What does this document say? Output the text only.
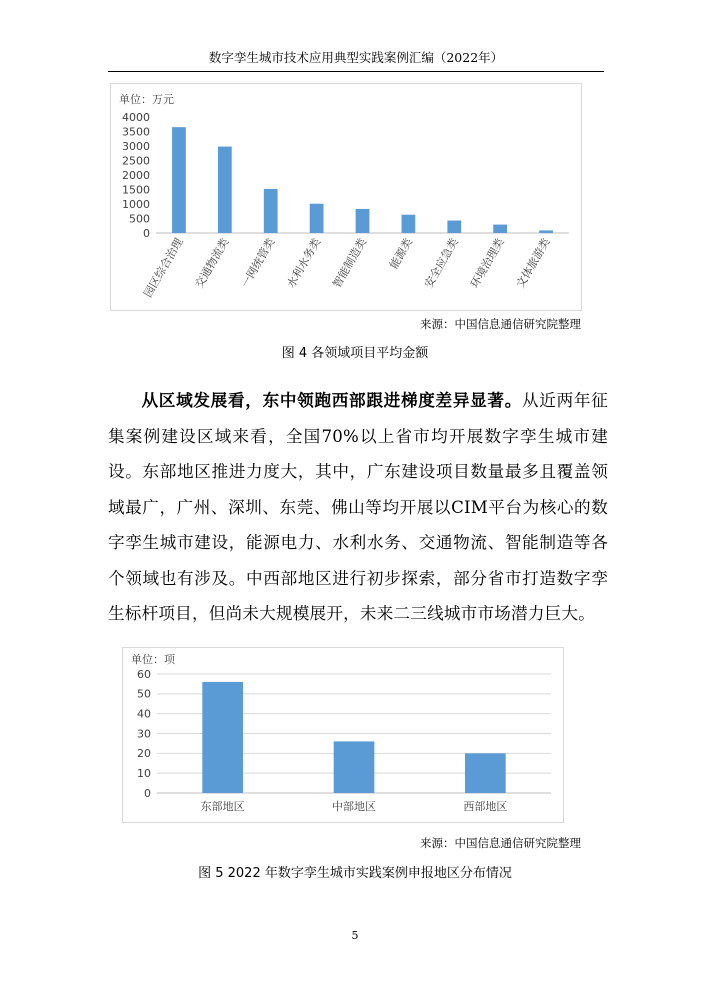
数字孪生城市技术应用典型实践案例汇编（2022年）
单位：万元
0
500
1000
1500
2000
2500
3000
3500
4000
园区综合治理 交通物流类 一网统管类 水利水务类 智能制造类 能源类 安全应急类 环境治理类 文体旅游类
来源：中国信息通信研究院整理
图 4 各领域项目平均金额
从区域发展看，东中领跑西部跟进梯度差异显著。从近两年征集案例建设区域来看，全国70%以上省市均开展数字孪生城市建设。东部地区推进力度大，其中，广东建设项目数量最多且覆盖领域最广，广州、深圳、东莞、佛山等均开展以CIM平台为核心的数字孪生城市建设，能源电力、水利水务、交通物流、智能制造等各个领域也有涉及。中西部地区进行初步探索，部分省市打造数字孪生标杆项目，但尚未大规模展开，未来二三线城市市场潜力巨大。
单位：项
0
10
20
30
40
50
60
东部地区	中部地区	西部地区
来源：中国信息通信研究院整理
图 5 2022 年数字孪生城市实践案例申报地区分布情况
5
